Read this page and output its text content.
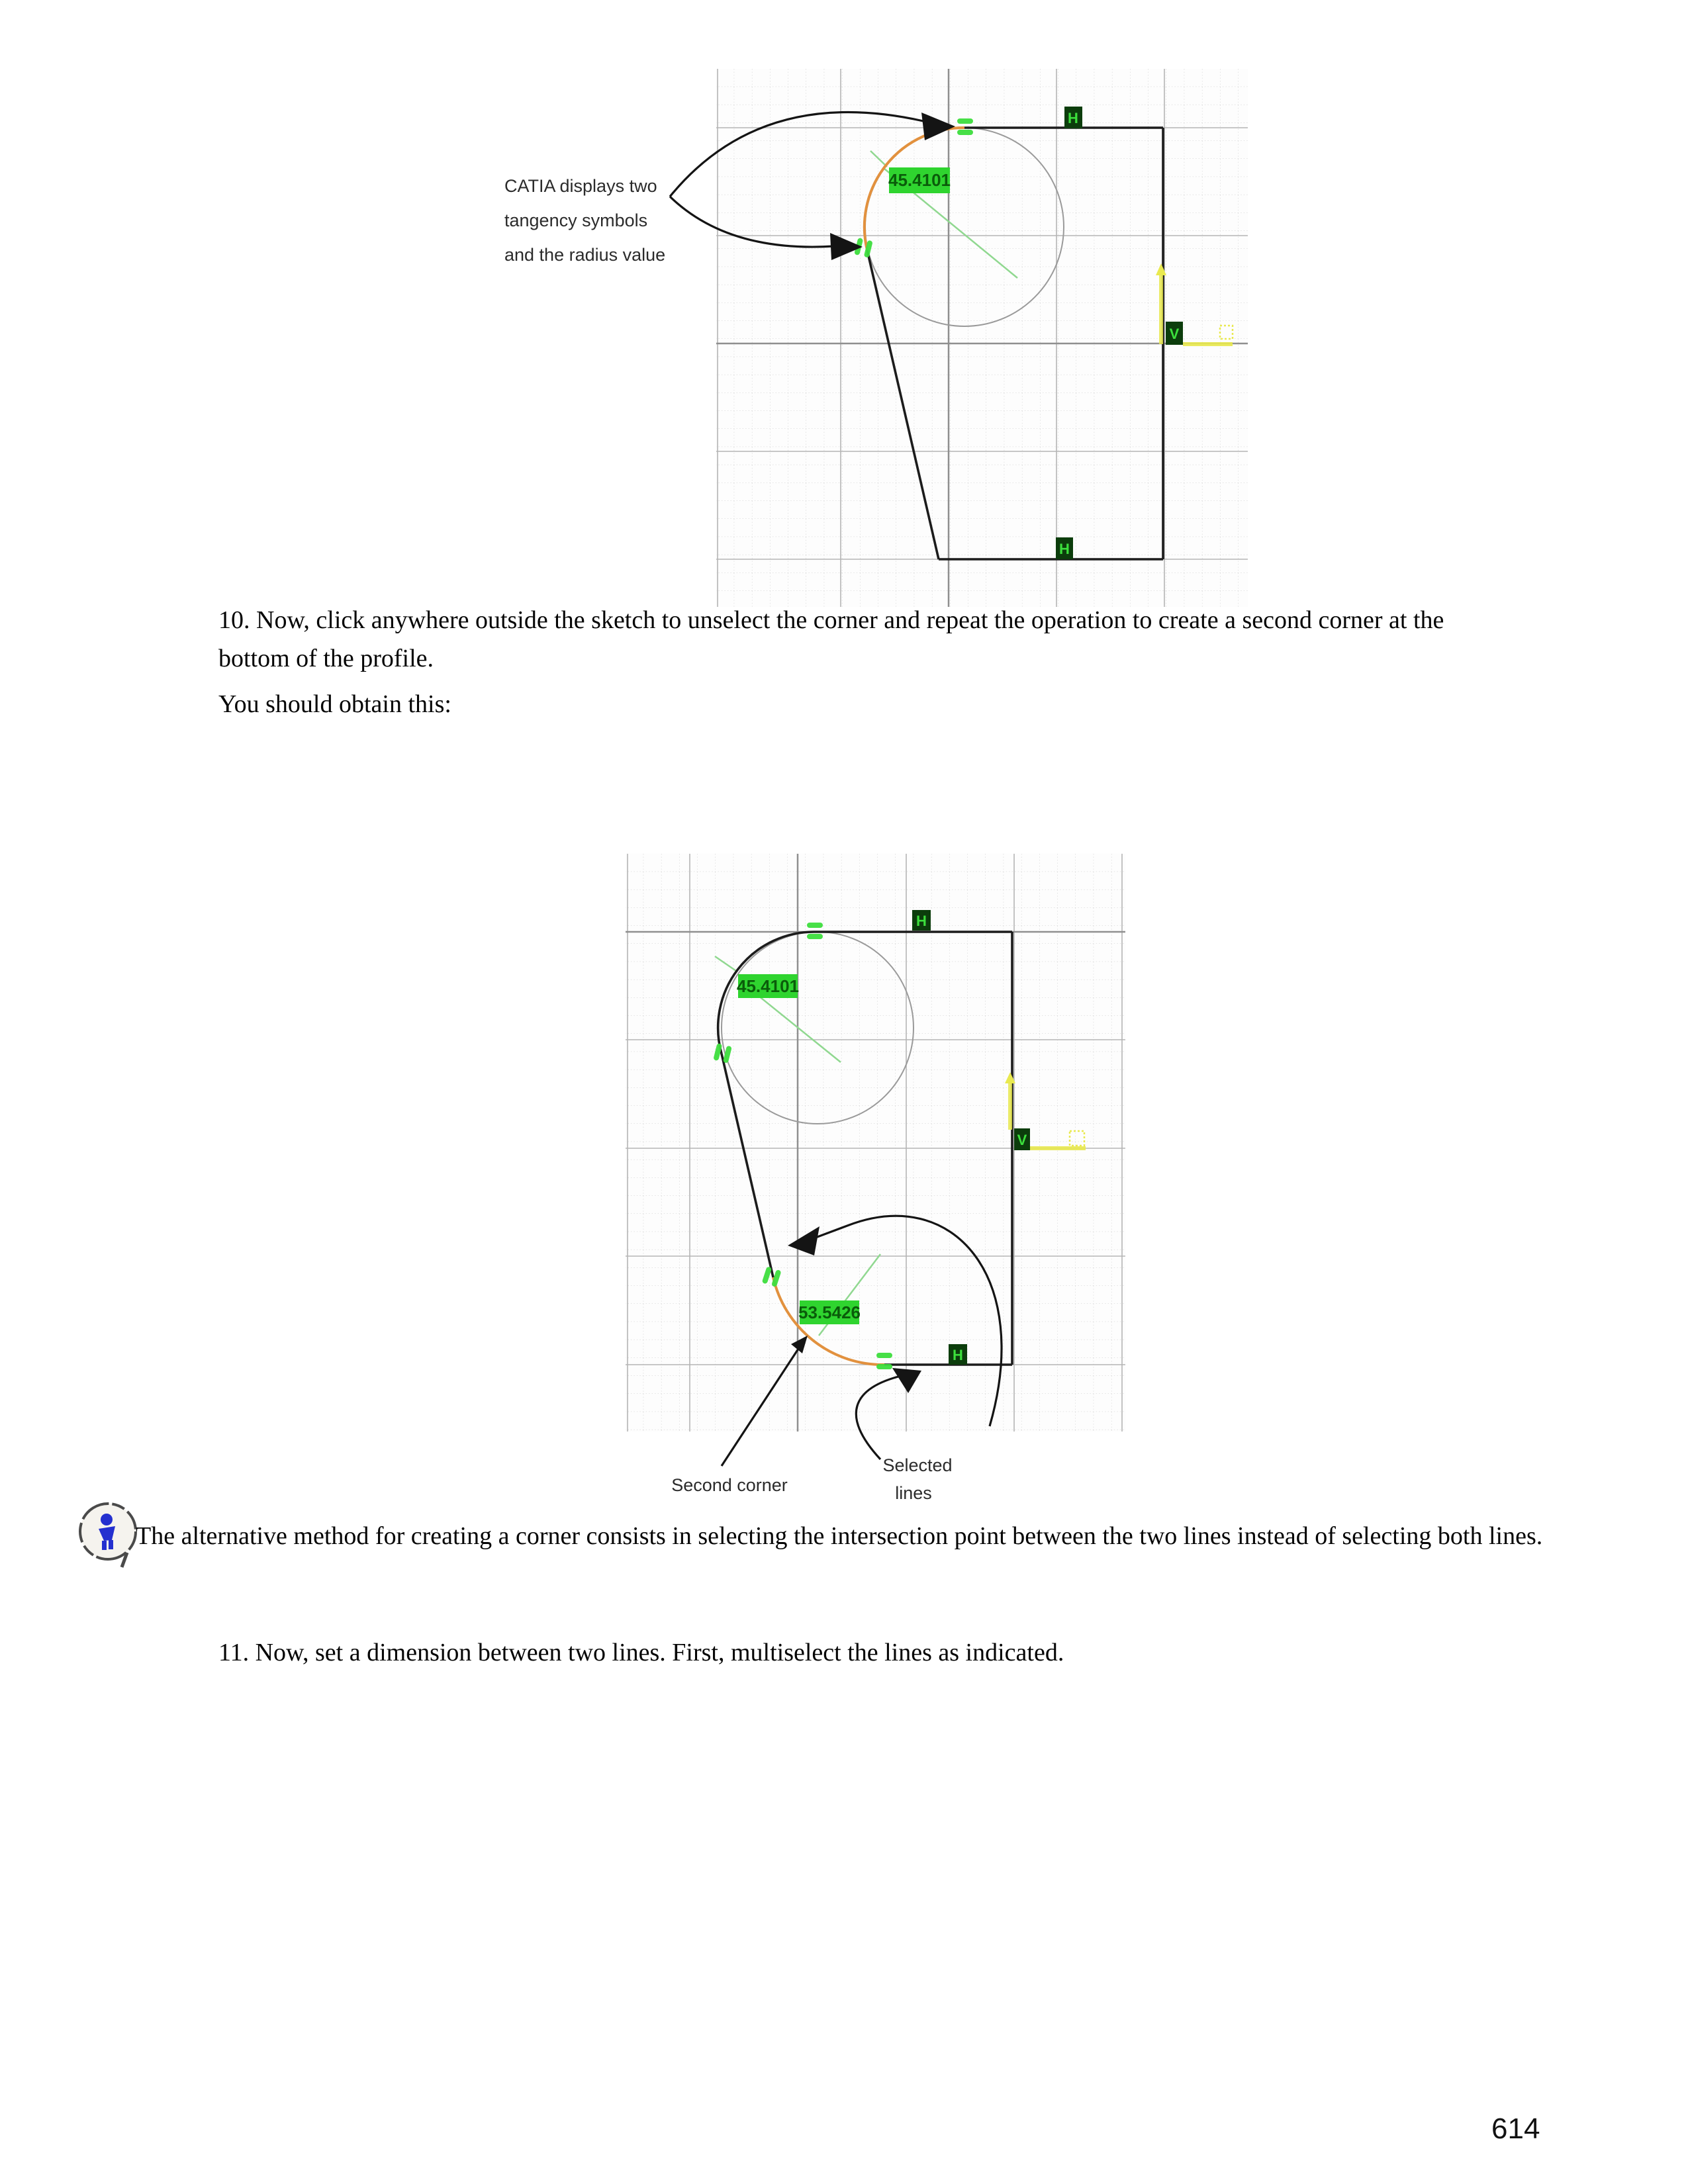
45.4101
H
V
H
CATIA displays two
tangency symbols
and the radius value
10. Now, click anywhere outside the sketch to unselect the corner and repeat the operation to create a second corner at the bottom of the profile.
You should obtain this:
45.4101
53.5426
H
V
H
Second corner
Selected
lines
The alternative method for creating a corner consists in selecting the intersection point between the two lines instead of selecting both lines.
11. Now, set a dimension between two lines. First, multiselect the lines as indicated.
614
